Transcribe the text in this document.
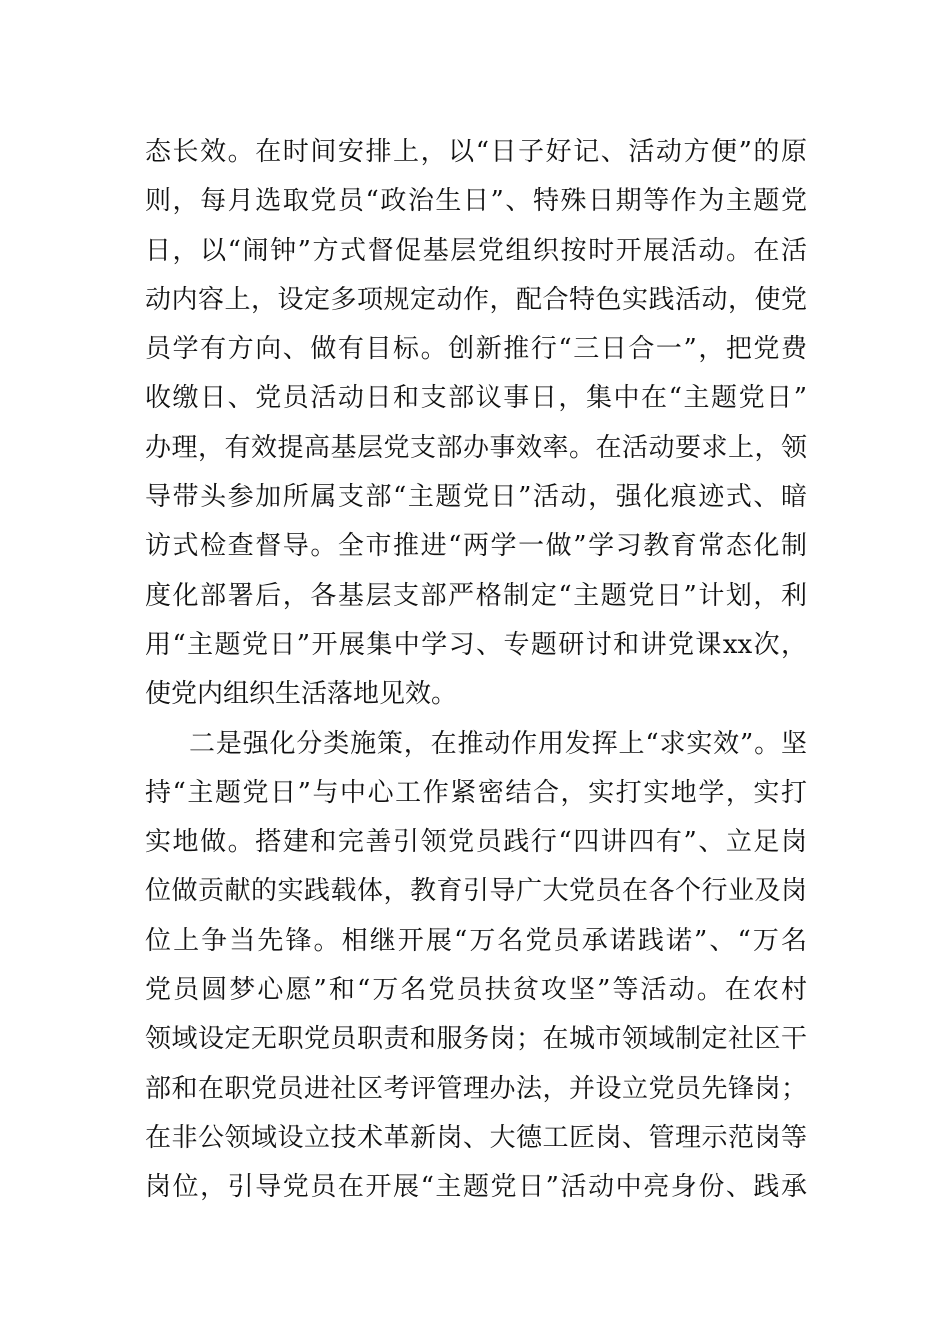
态长效。在时间安排上，以“日子好记、活动方便”的原
则，每月选取党员“政治生日”、特殊日期等作为主题党
日，以“闹钟”方式督促基层党组织按时开展活动。在活
动内容上，设定多项规定动作，配合特色实践活动，使党
员学有方向、做有目标。创新推行“三日合一”，把党费
收缴日、党员活动日和支部议事日，集中在“主题党日”
办理，有效提高基层党支部办事效率。在活动要求上，领
导带头参加所属支部“主题党日”活动，强化痕迹式、暗
访式检查督导。全市推进“两学一做”学习教育常态化制
度化部署后，各基层支部严格制定“主题党日”计划，利
用“主题党日”开展集中学习、专题研讨和讲党课xx次，
使党内组织生活落地见效。
二是强化分类施策，在推动作用发挥上“求实效”。坚
持“主题党日”与中心工作紧密结合，实打实地学，实打
实地做。搭建和完善引领党员践行“四讲四有”、立足岗
位做贡献的实践载体，教育引导广大党员在各个行业及岗
位上争当先锋。相继开展“万名党员承诺践诺”、“万名
党员圆梦心愿”和“万名党员扶贫攻坚”等活动。在农村
领域设定无职党员职责和服务岗；在城市领域制定社区干
部和在职党员进社区考评管理办法，并设立党员先锋岗；
在非公领域设立技术革新岗、大德工匠岗、管理示范岗等
岗位，引导党员在开展“主题党日”活动中亮身份、践承
